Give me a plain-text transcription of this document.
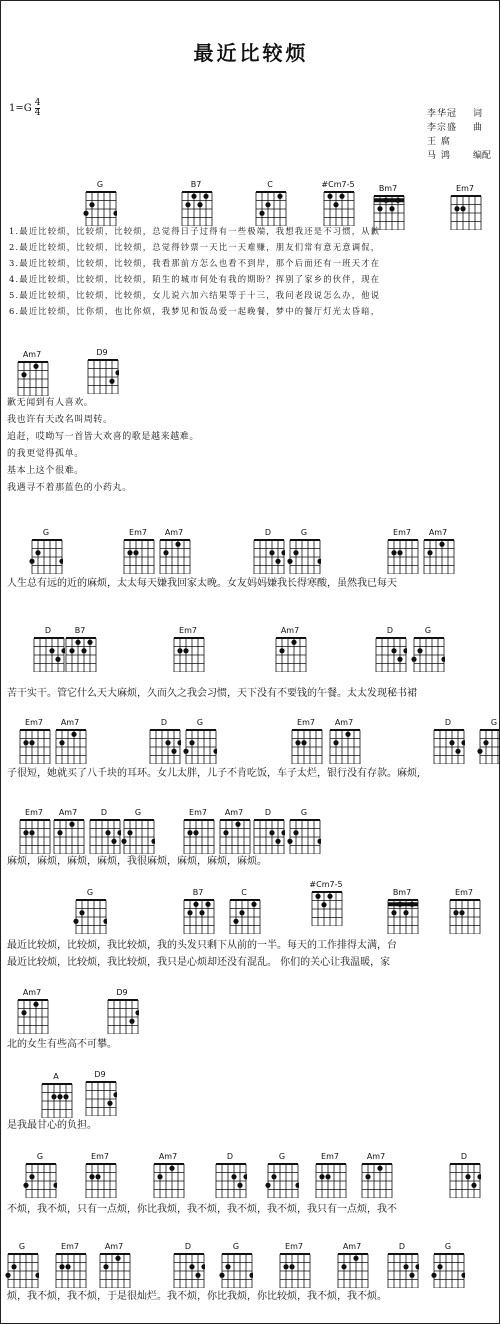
最近比较烦
$1=G \frac{4}{4}$	李华冠	词
李宗盛	曲
王 腐
马 鸿	编配
G	B7	C	#Cm7-5	Bm7	Em7
Am7	D9
G	Em7	Am7	D	G	Em7	Am7
D	B7	Em7	Am7	D	G
Em7	Am7	D	G	Em7	Am7	D	G
Em7	Am7	D	G	Em7	Am7	D	G
G	B7	C
#Cm7-5
Bm7	Em7
Am7	D9
A	D9
G	Em7	Am7	D	G	Em7	Am7	D
G	Em7	Am7	D	G	Em7	Am7	D	G
1.最近比较烦，比较烦，比较烦，总觉得日子过得有一些极端，我想我还是不习惯，从歉
2.最近比较烦，比较烦，比较烦，总觉得钞票一天比一天难赚，朋友们常有意无意调侃，
3.最近比较烦，比较烦，比较烦，我看那前方怎么也看不到岸，那个后面还有一班天才在
4.最近比较烦，比较烦，比较烦，陌生的城市何处有我的期盼？挥别了家乡的伙伴，现在
5.最近比较烦，比较烦，比较烦，女儿说六加六结果等于十三，我问老段说怎么办，他说
6.最近比较烦，比你烦，也比你烦，我梦见和饭岛爱一起晚餐，梦中的餐厅灯光太昏暗，
歉无闻到有人喜欢。
我也许有天改名叫周转。
追赶，哎呦写一首皆大欢喜的歌是越来越难。
的我更觉得孤单。
基本上这个很难。
我遇寻不着那蓝色的小药丸。
人生总有远的近的麻烦，太太每天嫌我回家太晚。女友妈妈嫌我长得寒酸，虽然我已每天
苦干实干。管它什么天大麻烦，久而久之我会习惯，天下没有不要钱的午餐。太太发现秘书裙
子很短，她就买了八千块的耳环。女儿太胖，儿子不肯吃饭，车子太烂，银行没有存款。麻烦,
麻烦，麻烦，麻烦，麻烦，我很麻烦，麻烦，麻烦，麻烦。
最近比较烦，比较烦，我比较烦，我的头发只剩下从前的一半。每天的工作排得太满，台
最近比较烦，比较烦，我比较烦，我只是心烦却还没有混乱。 你们的关心让我温暖，家
北的女生有些高不可攀。
是我最甘心的负担。
不烦，我不烦，只有一点烦，你比我烦，我不烦，我不烦，我不烦，我只有一点烦，我不
烦，我不烦，我不烦，于是很灿烂。我不烦，你比我烦，你比较烦，我不烦，我不烦。
